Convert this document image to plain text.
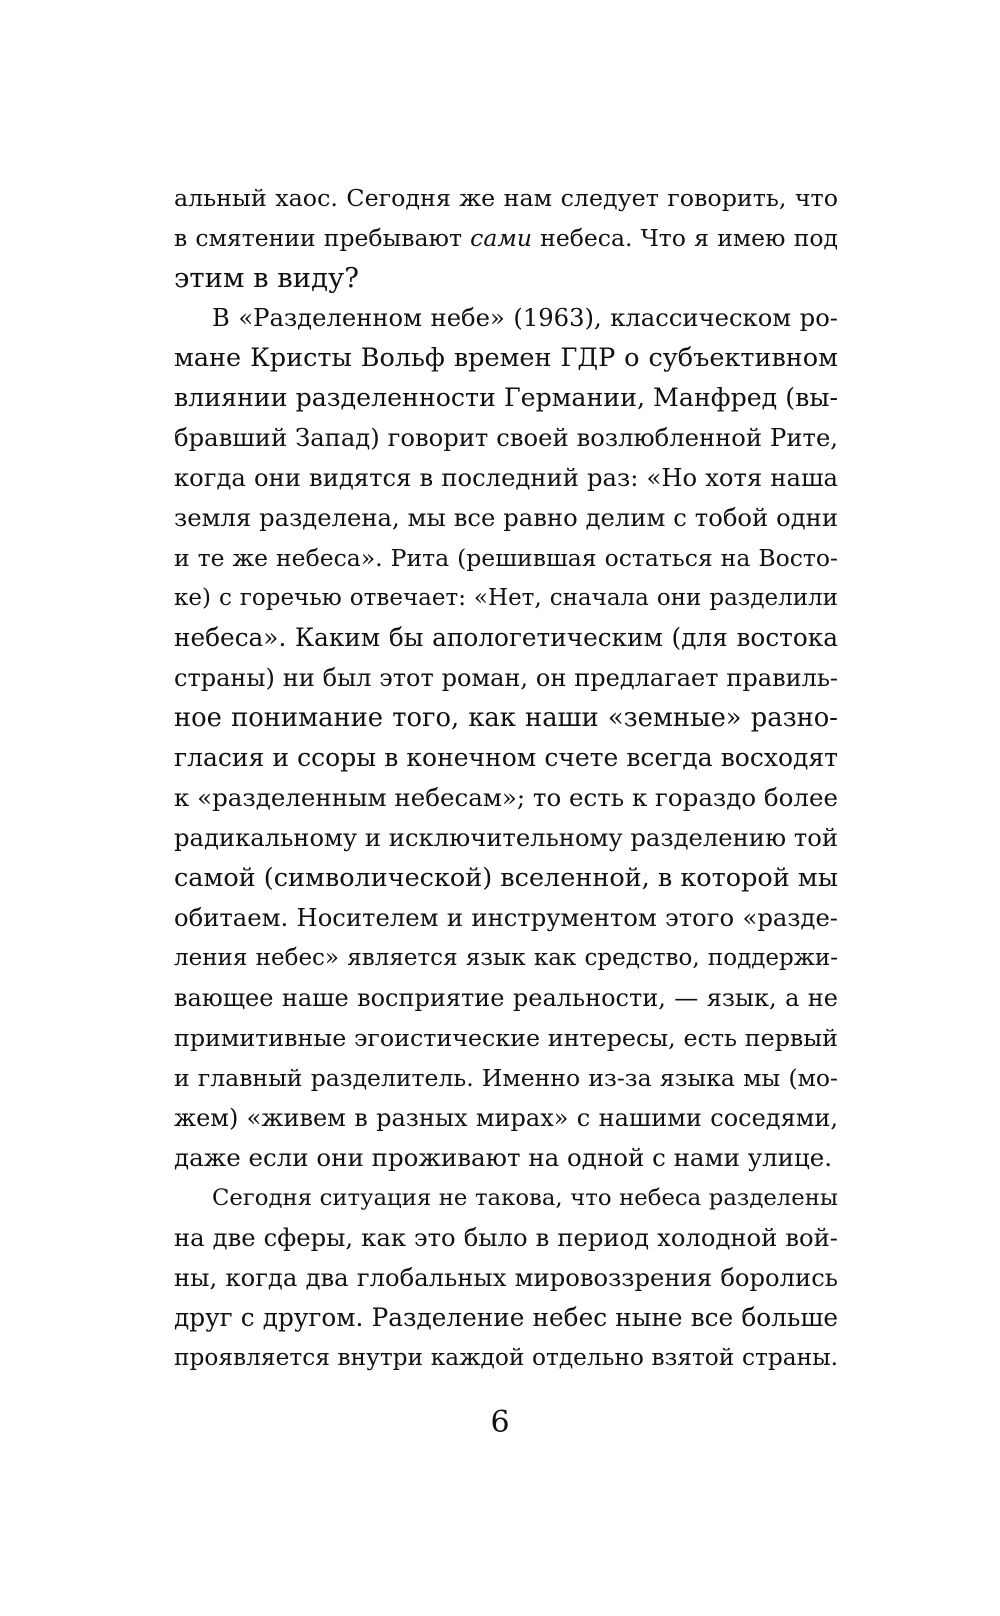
альный хаос. Сегодня же нам следует говорить, что
в смятении пребывают сами небеса. Что я имею под
этим в виду?
В «Разделенном небе» (1963), классическом ро-
мане Кристы Вольф времен ГДР о субъективном
влиянии разделенности Германии, Манфред (вы-
бравший Запад) говорит своей возлюбленной Рите,
когда они видятся в последний раз: «Но хотя наша
земля разделена, мы все равно делим с тобой одни
и те же небеса». Рита (решившая остаться на Восто-
ке) с горечью отвечает: «Нет, сначала они разделили
небеса». Каким бы апологетическим (для востока
страны) ни был этот роман, он предлагает правиль-
ное понимание того, как наши «земные» разно-
гласия и ссоры в конечном счете всегда восходят
к «разделенным небесам»; то есть к гораздо более
радикальному и исключительному разделению той
самой (символической) вселенной, в которой мы
обитаем. Носителем и инструментом этого «разде-
ления небес» является язык как средство, поддержи-
вающее наше восприятие реальности, — язык, а не
примитивные эгоистические интересы, есть первый
и главный разделитель. Именно из-за языка мы (мо-
жем) «живем в разных мирах» с нашими соседями,
даже если они проживают на одной с нами улице.
Сегодня ситуация не такова, что небеса разделены
на две сферы, как это было в период холодной вой-
ны, когда два глобальных мировоззрения боролись
друг с другом. Разделение небес ныне все больше
проявляется внутри каждой отдельно взятой страны.
6
